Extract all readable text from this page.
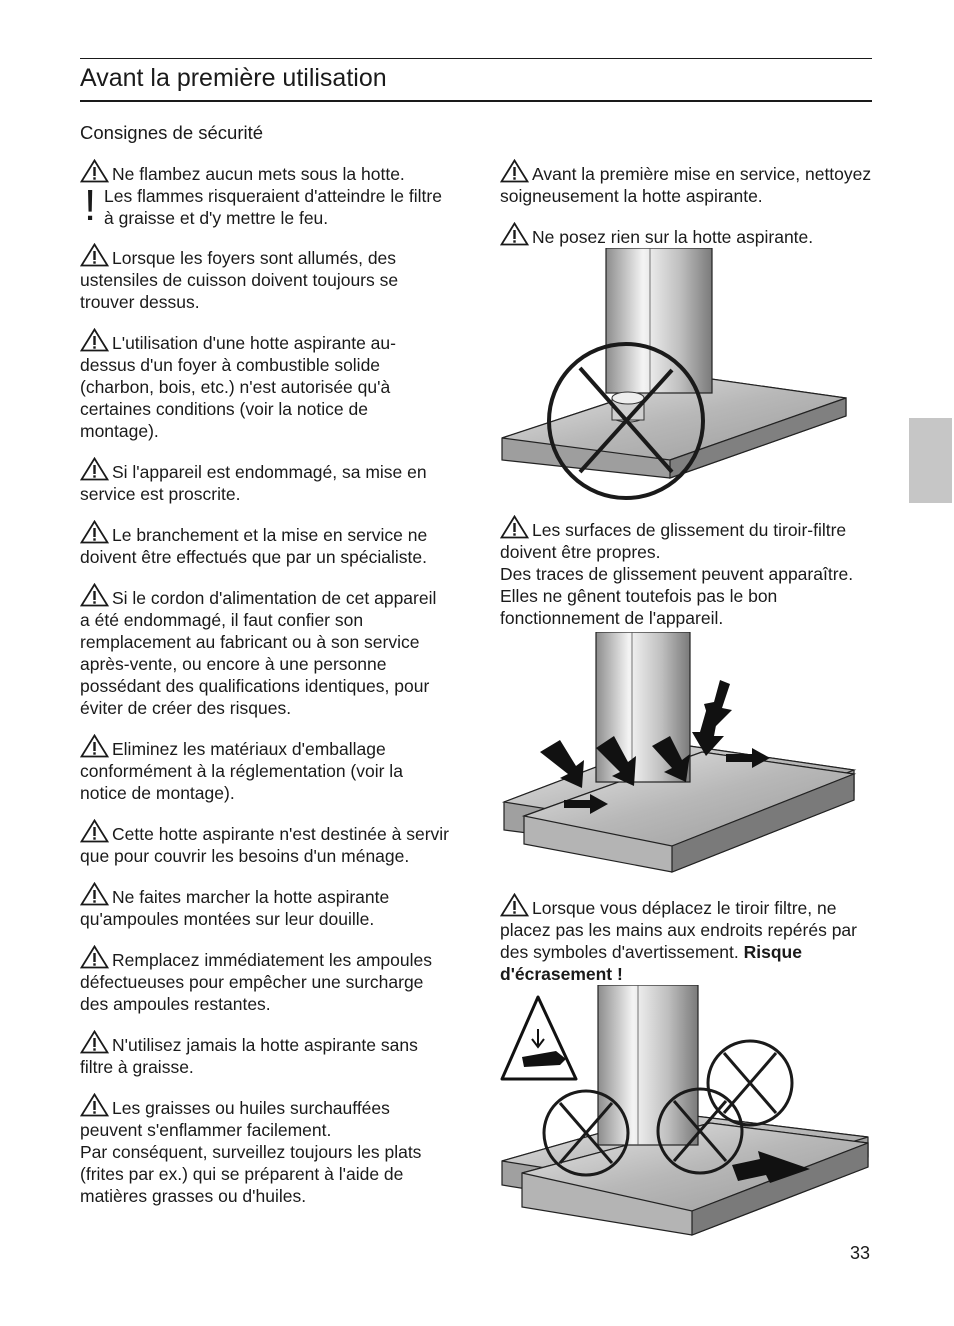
Avant la première utilisation
Consignes de sécurité

Ne flambez aucun mets sous la hotte.

Les flammes risqueraient d'atteindre le filtre à graisse et d'y mettre le feu.
!

Lorsque les foyers sont allumés, des ustensiles de cuisson doivent toujours se trouver dessus.

L'utilisation d'une hotte aspirante au-dessus d'un foyer à combustible solide (charbon, bois, etc.) n'est autorisée qu'à certaines conditions (voir la notice de montage).

Si l'appareil est endommagé, sa mise en service est proscrite.

Le branchement et la mise en service ne doivent être effectués que par un spécialiste.

Si le cordon d'alimentation de cet appareil a été endommagé, il faut confier son remplacement au fabricant ou à son service après-vente, ou encore à une personne possédant des qualifications identiques, pour éviter de créer des risques.

Eliminez les matériaux d'emballage conformément à la réglementation (voir la notice de montage).

Cette hotte aspirante n'est destinée à servir que pour couvrir les besoins d'un ménage.

Ne faites marcher la hotte aspirante qu'ampoules montées sur leur douille.

Remplacez immédiatement les ampoules défectueuses pour empêcher une surcharge des ampoules restantes.

N'utilisez jamais la hotte aspirante sans filtre à graisse.

Les graisses ou huiles surchauffées peuvent s'enflammer facilement.
Par conséquent, surveillez toujours les plats (frites par ex.) qui se préparent à l'aide de matières grasses ou d'huiles.

Avant la première mise en service, nettoyez soigneusement la hotte aspirante.

Ne posez rien sur la hotte aspirante.

Les surfaces de glissement du tiroir-filtre doivent être propres.
Des traces de glissement peuvent apparaître. Elles ne gênent toutefois pas le bon fonctionnement de l'appareil.

Lorsque vous déplacez le tiroir filtre, ne placez pas les mains aux endroits repérés par des symboles d'avertissement. Risque d'écrasement !

33
